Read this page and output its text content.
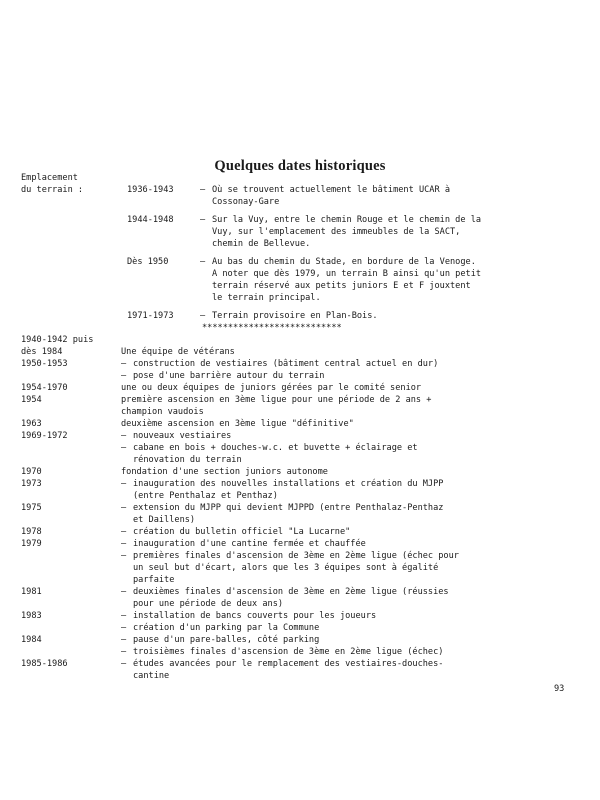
Quelques dates historiques
Emplacement
du terrain :	1936-1943	– Où se trouvent actuellement le bâtiment UCAR à
Cossonay-Gare
1944-1948	– Sur la Vuy, entre le chemin Rouge et le chemin de la
Vuy, sur l'emplacement des immeubles de la SACT,
chemin de Bellevue.
Dès 1950	– Au bas du chemin du Stade, en bordure de la Venoge.
A noter que dès 1979, un terrain B ainsi qu'un petit
terrain réservé aux petits juniors E et F jouxtent
le terrain principal.
1971-1973	– Terrain provisoire en Plan-Bois.
***************************
1940-1942 puis
dès 1984
	Une équipe de vétérans
1950-1953	– construction de vestiaires (bâtiment central actuel en dur)
– pose d'une barrière autour du terrain
1954-1970	une ou deux équipes de juniors gérées par le comité senior
1954	première ascension en 3ème ligue pour une période de 2 ans +
champion vaudois
1963	deuxième ascension en 3ème ligue "définitive"
1969-1972	– nouveaux vestiaires
– cabane en bois + douches-w.c. et buvette + éclairage et
rénovation du terrain
1970	fondation d'une section juniors autonome
1973	– inauguration des nouvelles installations et création du MJPP
(entre Penthalaz et Penthaz)
1975	– extension du MJPP qui devient MJPPD (entre Penthalaz-Penthaz
et Daillens)
1978	– création du bulletin officiel "La Lucarne"
1979	– inauguration d'une cantine fermée et chauffée
– premières finales d'ascension de 3ème en 2ème ligue (échec pour
un seul but d'écart, alors que les 3 équipes sont à égalité
parfaite
1981	– deuxièmes finales d'ascension de 3ème en 2ème ligue (réussies
pour une période de deux ans)
1983	– installation de bancs couverts pour les joueurs
– création d'un parking par la Commune
1984	– pause d'un pare-balles, côté parking
– troisièmes finales d'ascension de 3ème en 2ème ligue (échec)
1985-1986	– études avancées pour le remplacement des vestiaires-douches-
cantine
93
